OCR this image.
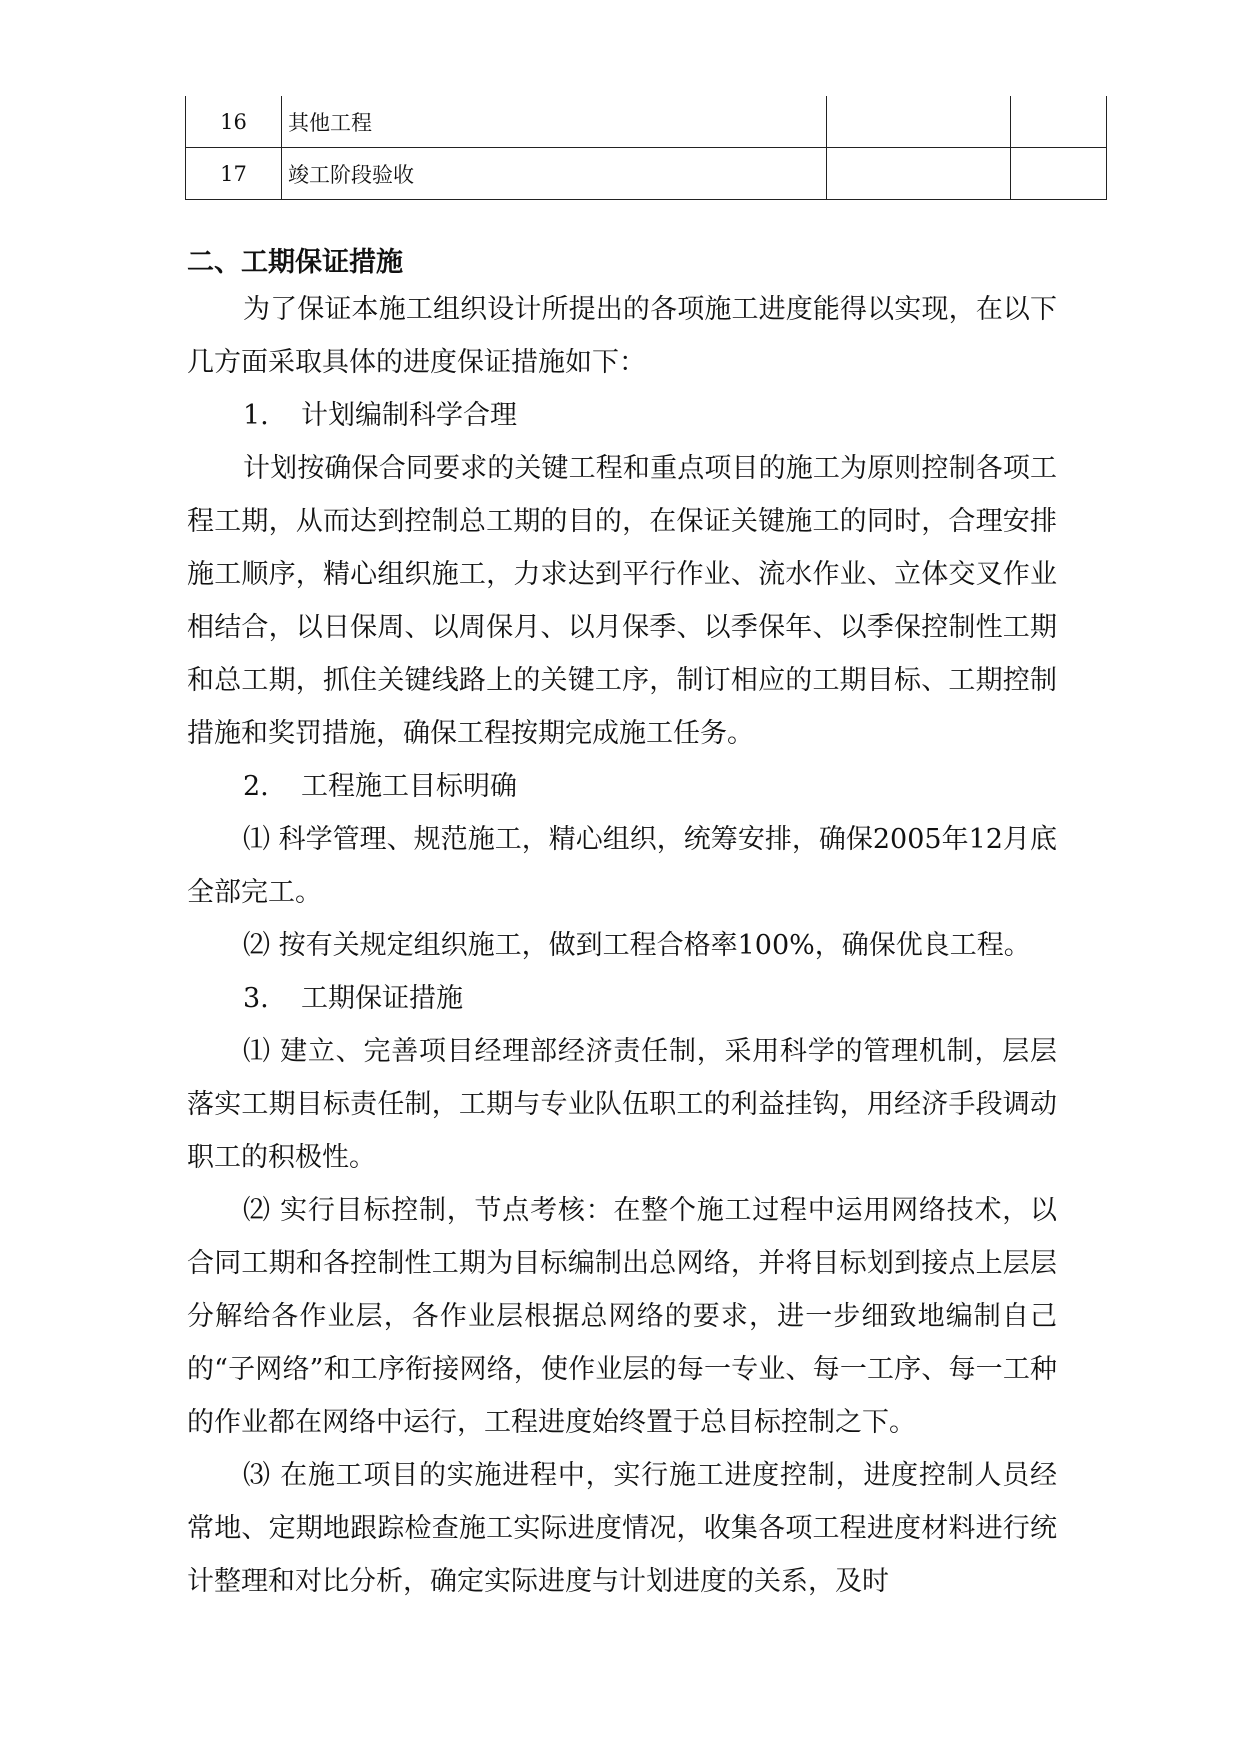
16	其他工程		
17	竣工阶段验收		

二、工期保证措施

为了保证本施工组织设计所提出的各项施工进度能得以实现，在以下几方面采取具体的进度保证措施如下：

1. 计划编制科学合理

计划按确保合同要求的关键工程和重点项目的施工为原则控制各项工程工期，从而达到控制总工期的目的，在保证关键施工的同时，合理安排施工顺序，精心组织施工，力求达到平行作业、流水作业、立体交叉作业相结合，以日保周、以周保月、以月保季、以季保年、以季保控制性工期和总工期，抓住关键线路上的关键工序，制订相应的工期目标、工期控制措施和奖罚措施，确保工程按期完成施工任务。

2. 工程施工目标明确

⑴ 科学管理、规范施工，精心组织，统筹安排，确保2005年12月底全部完工。

⑵ 按有关规定组织施工，做到工程合格率100%，确保优良工程。

3. 工期保证措施

⑴ 建立、完善项目经理部经济责任制，采用科学的管理机制，层层落实工期目标责任制，工期与专业队伍职工的利益挂钩，用经济手段调动职工的积极性。

⑵ 实行目标控制，节点考核：在整个施工过程中运用网络技术，以合同工期和各控制性工期为目标编制出总网络，并将目标划到接点上层层分解给各作业层，各作业层根据总网络的要求，进一步细致地编制自己的“子网络”和工序衔接网络，使作业层的每一专业、每一工序、每一工种的作业都在网络中运行，工程进度始终置于总目标控制之下。

⑶ 在施工项目的实施进程中，实行施工进度控制，进度控制人员经常地、定期地跟踪检查施工实际进度情况，收集各项工程进度材料进行统计整理和对比分析，确定实际进度与计划进度的关系，及时
